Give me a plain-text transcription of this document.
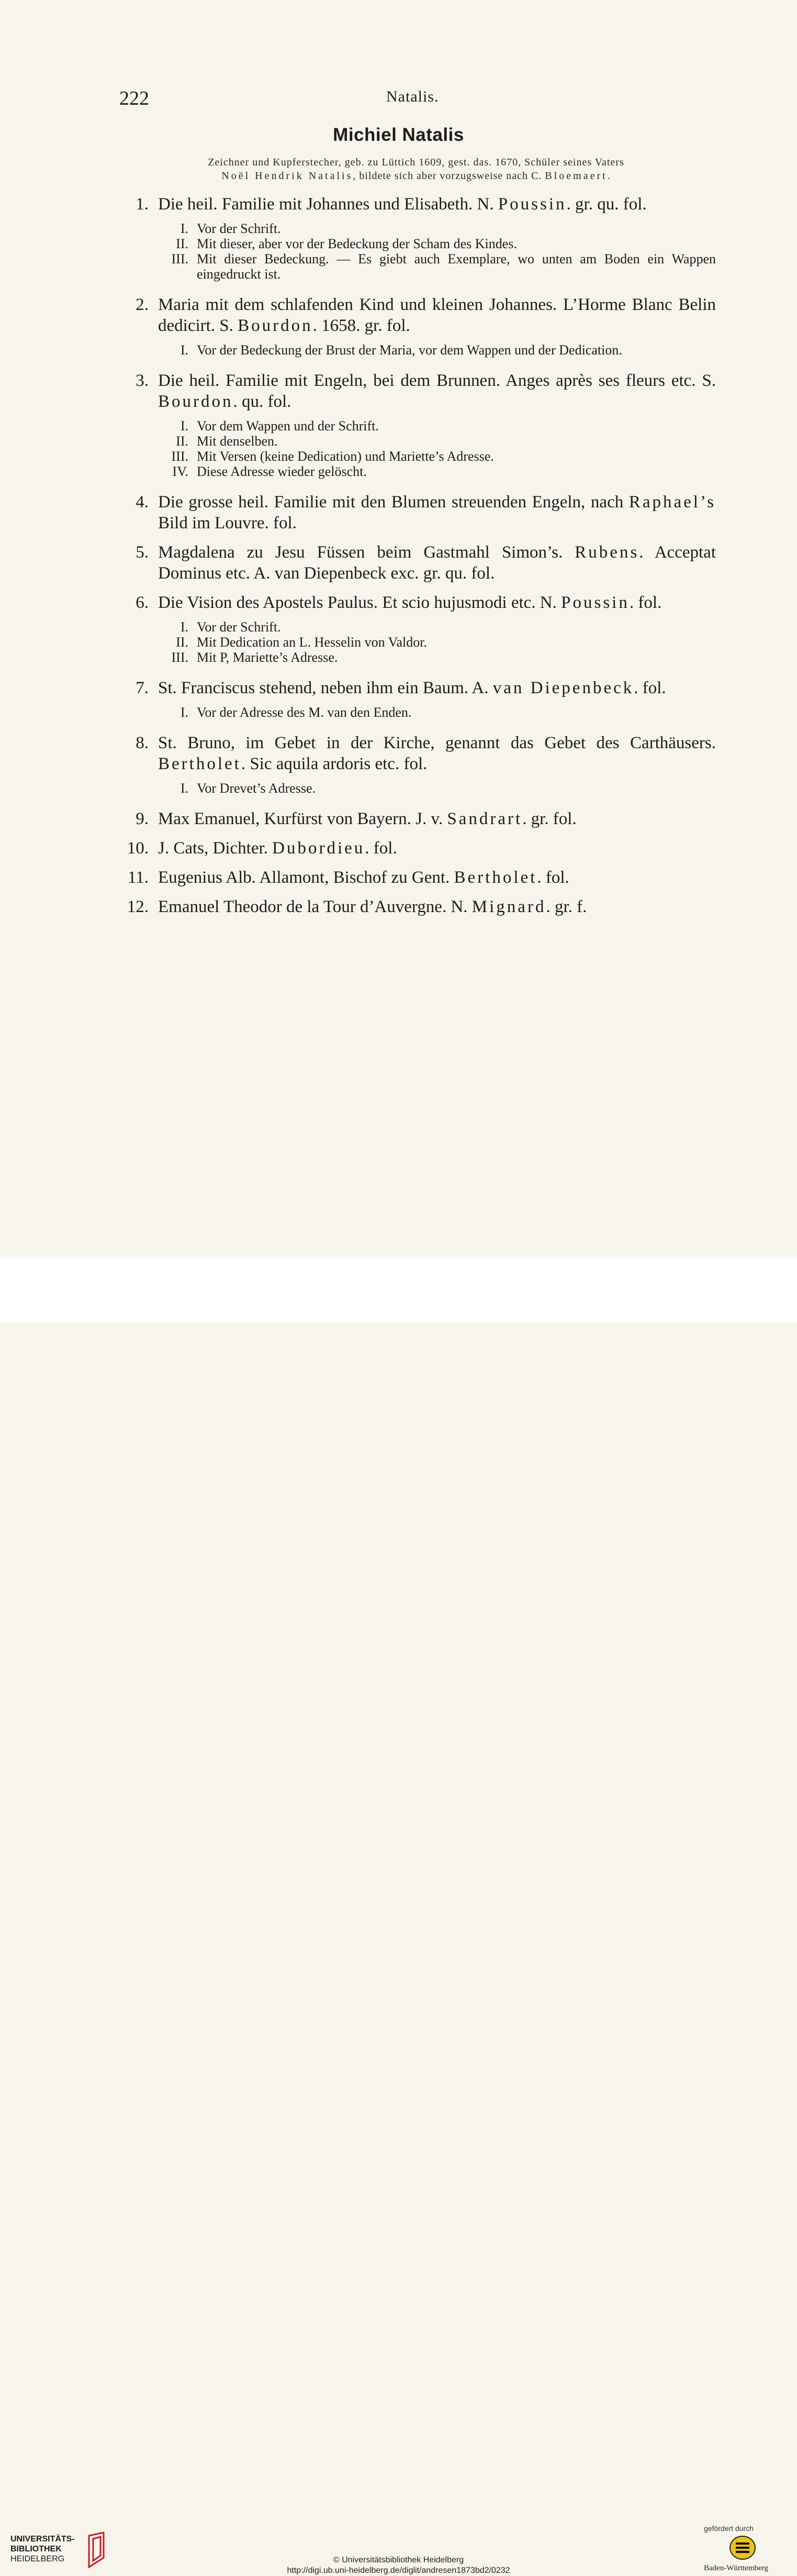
222	Natalis.
Michiel Natalis
Zeichner und Kupferstecher, geb. zu Lüttich 1609, gest. das. 1670, Schüler seines Vaters
Noël Hendrik Natalis, bildete sich aber vorzugsweise nach C. Bloemaert.
1. Die heil. Familie mit Johannes und Elisabeth. N. Poussin. gr. qu. fol.
I. Vor der Schrift.
II. Mit dieser, aber vor der Bedeckung der Scham des Kindes.
III. Mit dieser Bedeckung. — Es giebt auch Exemplare, wo unten am Boden ein Wappen eingedruckt ist.
2. Maria mit dem schlafenden Kind und kleinen Johannes. L’Horme Blanc Belin dedicirt. S. Bourdon. 1658. gr. fol.
I. Vor der Bedeckung der Brust der Maria, vor dem Wappen und der Dedication.
3. Die heil. Familie mit Engeln, bei dem Brunnen. Anges après ses fleurs etc. S. Bourdon. qu. fol.
I. Vor dem Wappen und der Schrift.
II. Mit denselben.
III. Mit Versen (keine Dedication) und Mariette’s Adresse.
IV. Diese Adresse wieder gelöscht.
4. Die grosse heil. Familie mit den Blumen streuenden Engeln, nach Raphael’s Bild im Louvre. fol.
5. Magdalena zu Jesu Füssen beim Gastmahl Simon’s. Rubens. Acceptat Dominus etc. A. van Diepenbeck exc. gr. qu. fol.
6. Die Vision des Apostels Paulus. Et scio hujusmodi etc. N. Poussin. fol.
I. Vor der Schrift.
II. Mit Dedication an L. Hesselin von Valdor.
III. Mit P, Mariette’s Adresse.
7. St. Franciscus stehend, neben ihm ein Baum. A. van Diepenbeck. fol.
I. Vor der Adresse des M. van den Enden.
8. St. Bruno, im Gebet in der Kirche, genannt das Gebet des Carthäusers. Bertholet. Sic aquila ardoris etc. fol.
I. Vor Drevet’s Adresse.
9. Max Emanuel, Kurfürst von Bayern. J. v. Sandrart. gr. fol.
10. J. Cats, Dichter. Dubordieu. fol.
11. Eugenius Alb. Allamont, Bischof zu Gent. Bertholet. fol.
12. Emanuel Theodor de la Tour d’Auvergne. N. Mignard. gr. f.
UNIVERSITÄTS-
BIBLIOTHEK
HEIDELBERG	© Universitätsbibliothek Heidelberg
http://digi.ub.uni-heidelberg.de/diglit/andresen1873bd2/0232
gefördert durch
Baden-Württemberg
